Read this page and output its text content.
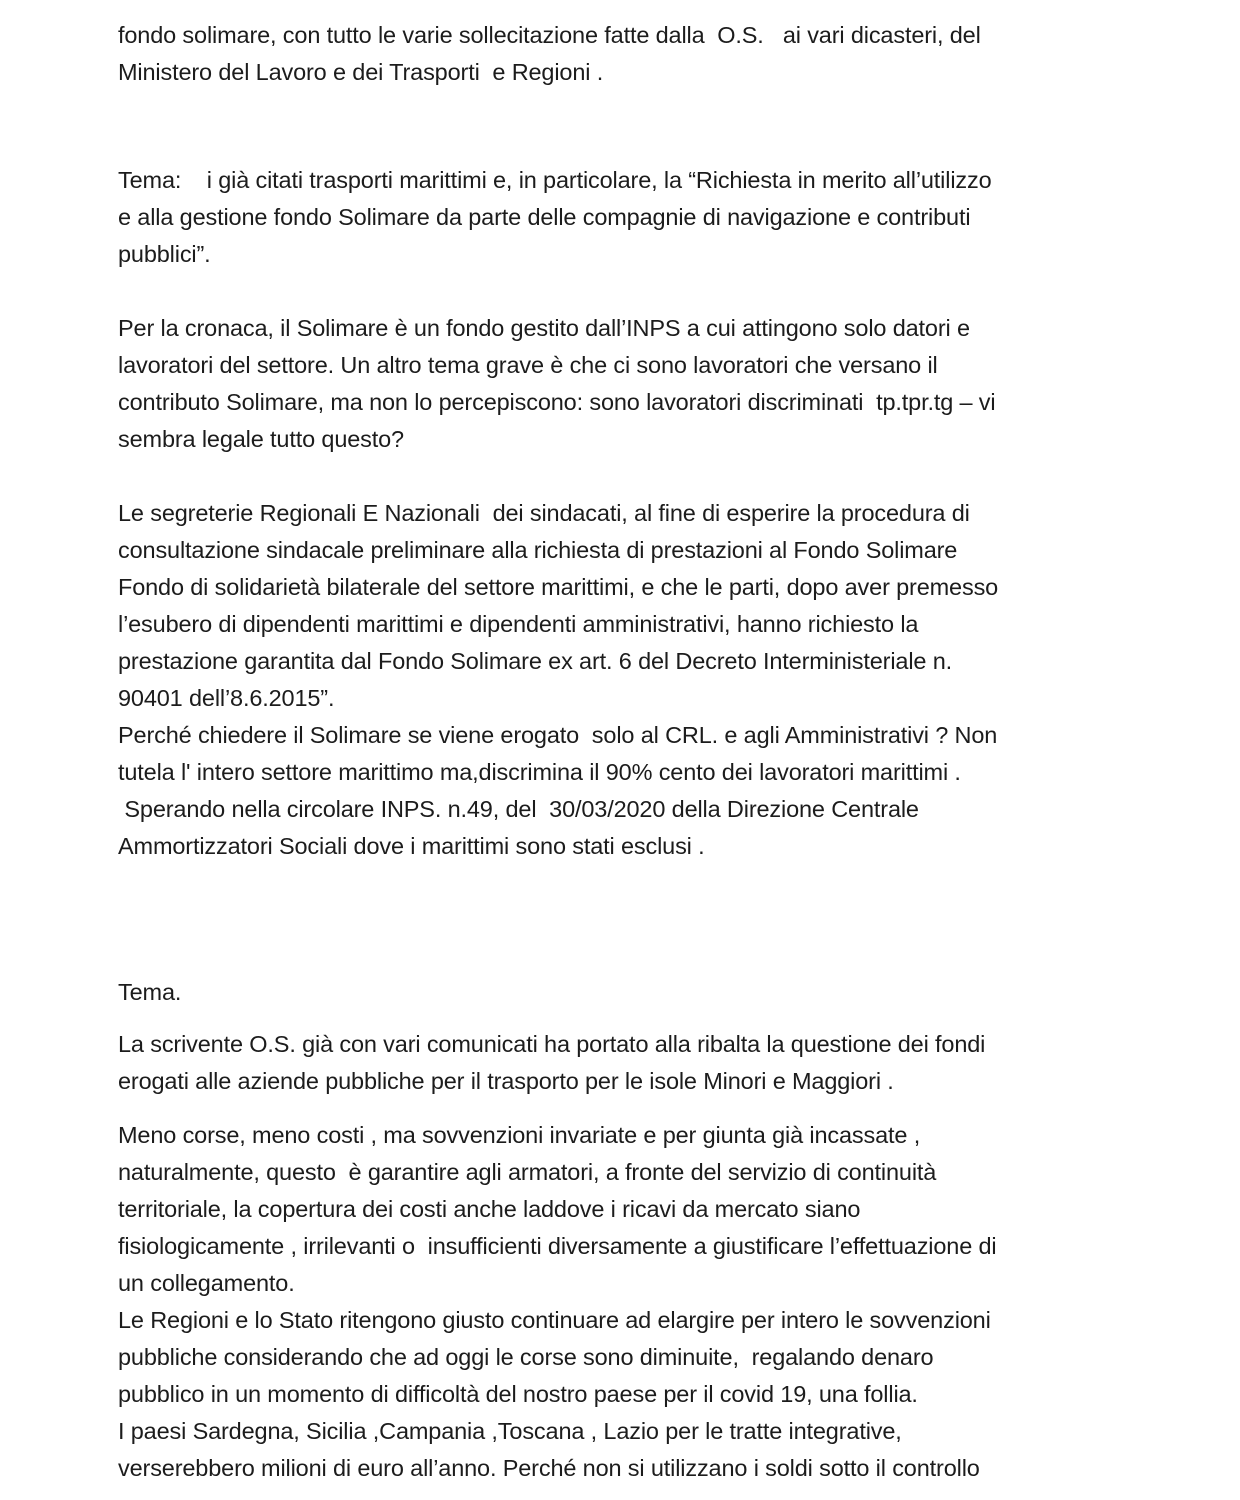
fondo solimare, con tutto le varie sollecitazione fatte dalla  O.S.   ai vari dicasteri, del

Ministero del Lavoro e dei Trasporti  e Regioni .

Tema:    i già citati trasporti marittimi e, in particolare, la “Richiesta in merito all’utilizzo

e alla gestione fondo Solimare da parte delle compagnie di navigazione e contributi

pubblici”.

Per la cronaca, il Solimare è un fondo gestito dall’INPS a cui attingono solo datori e

lavoratori del settore. Un altro tema grave è che ci sono lavoratori che versano il

contributo Solimare, ma non lo percepiscono: sono lavoratori discriminati  tp.tpr.tg – vi

sembra legale tutto questo?

Le segreterie Regionali E Nazionali  dei sindacati, al fine di esperire la procedura di

consultazione sindacale preliminare alla richiesta di prestazioni al Fondo Solimare

Fondo di solidarietà bilaterale del settore marittimi, e che le parti, dopo aver premesso

l’esubero di dipendenti marittimi e dipendenti amministrativi, hanno richiesto la

prestazione garantita dal Fondo Solimare ex art. 6 del Decreto Interministeriale n.

90401 dell’8.6.2015”.

Perché chiedere il Solimare se viene erogato  solo al CRL. e agli Amministrativi ? Non

tutela l' intero settore marittimo ma,discrimina il 90% cento dei lavoratori marittimi .

Sperando nella circolare INPS. n.49, del  30/03/2020 della Direzione Centrale

Ammortizzatori Sociali dove i marittimi sono stati esclusi .

Tema.

La scrivente O.S. già con vari comunicati ha portato alla ribalta la questione dei fondi

erogati alle aziende pubbliche per il trasporto per le isole Minori e Maggiori .

Meno corse, meno costi , ma sovvenzioni invariate e per giunta già incassate ,

naturalmente, questo  è garantire agli armatori, a fronte del servizio di continuità

territoriale, la copertura dei costi anche laddove i ricavi da mercato siano

fisiologicamente , irrilevanti o  insufficienti diversamente a giustificare l’effettuazione di

un collegamento.

Le Regioni e lo Stato ritengono giusto continuare ad elargire per intero le sovvenzioni

pubbliche considerando che ad oggi le corse sono diminuite,  regalando denaro

pubblico in un momento di difficoltà del nostro paese per il covid 19, una follia.

I paesi Sardegna, Sicilia ,Campania ,Toscana , Lazio per le tratte integrative,

verserebbero milioni di euro all’anno. Perché non si utilizzano i soldi sotto il controllo
